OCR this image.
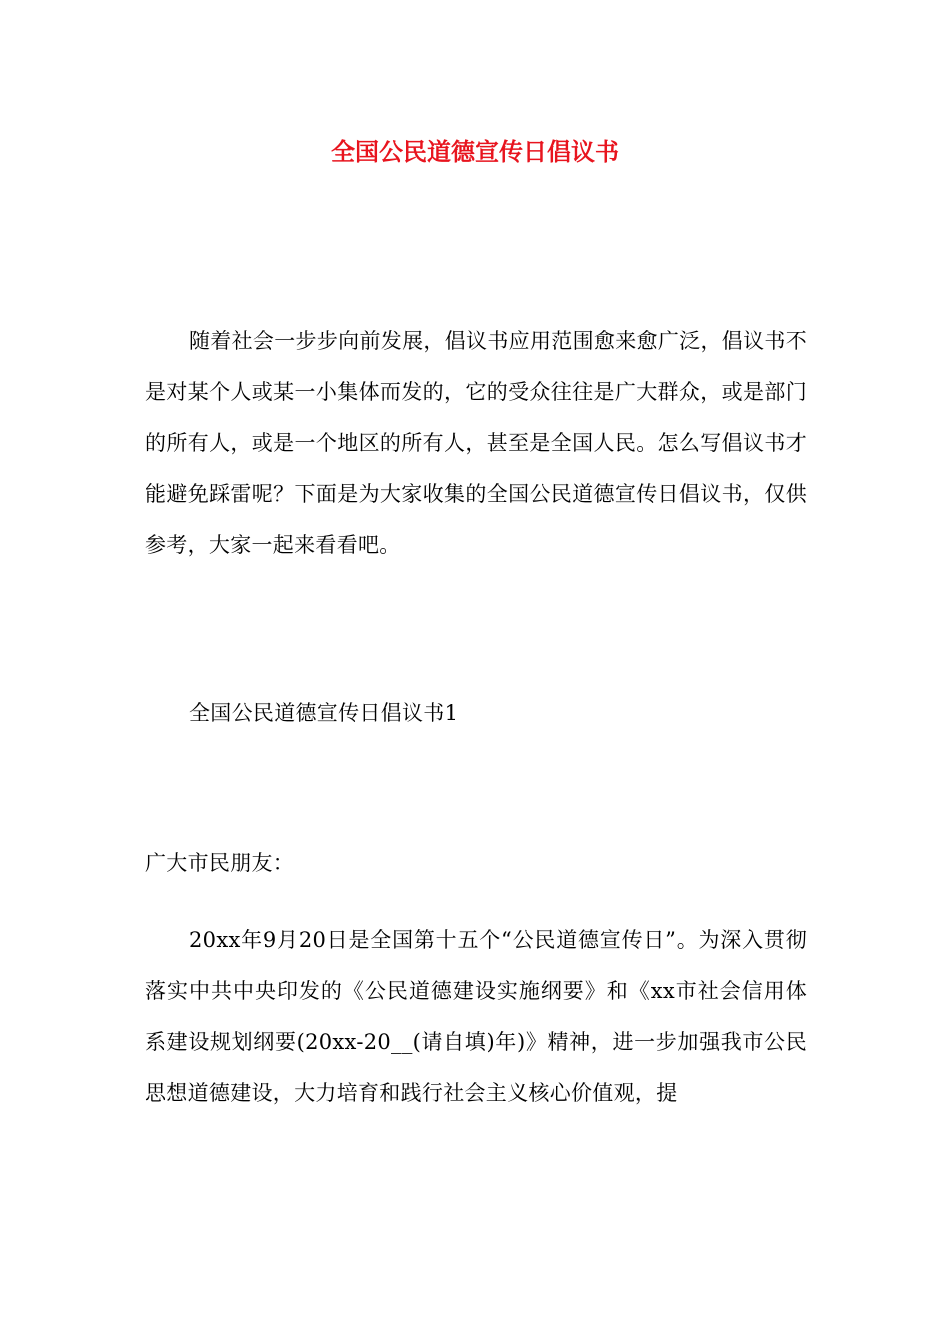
全国公民道德宣传日倡议书

随着社会一步步向前发展，倡议书应用范围愈来愈广泛，倡议书不是对某个人或某一小集体而发的，它的受众往往是广大群众，或是部门的所有人，或是一个地区的所有人，甚至是全国人民。怎么写倡议书才能避免踩雷呢？下面是为大家收集的全国公民道德宣传日倡议书，仅供参考，大家一起来看看吧。

全国公民道德宣传日倡议书1

广大市民朋友：

20xx年9月20日是全国第十五个“公民道德宣传日”。为深入贯彻落实中共中央印发的《公民道德建设实施纲要》和《xx市社会信用体系建设规划纲要(20xx-20__(请自填)年)》精神，进一步加强我市公民思想道德建设，大力培育和践行社会主义核心价值观，提
